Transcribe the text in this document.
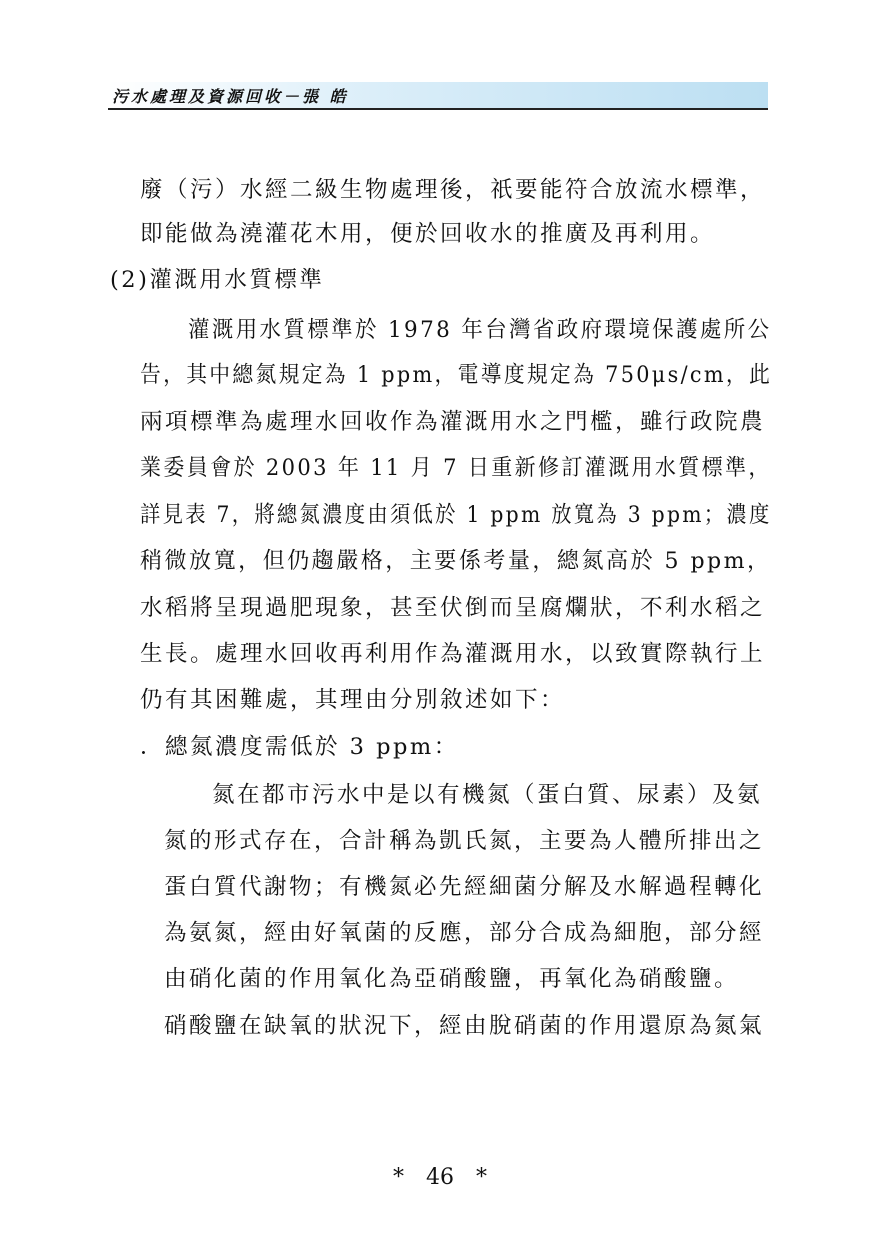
污水處理及資源回收－張 皓
廢（污）水經二級生物處理後，祇要能符合放流水標準，
即能做為澆灌花木用，便於回收水的推廣及再利用。
(2)灌溉用水質標準
灌溉用水質標準於 1978 年台灣省政府環境保護處所公
告，其中總氮規定為 1 ppm，電導度規定為 750μs/cm，此
兩項標準為處理水回收作為灌溉用水之門檻，雖行政院農
業委員會於 2003 年 11 月 7 日重新修訂灌溉用水質標準，
詳見表 7，將總氮濃度由須低於 1 ppm 放寬為 3 ppm；濃度
稍微放寬，但仍趨嚴格，主要係考量，總氮高於 5 ppm，
水稻將呈現過肥現象，甚至伏倒而呈腐爛狀，不利水稻之
生長。處理水回收再利用作為灌溉用水，以致實際執行上
仍有其困難處，其理由分別敘述如下：
．總氮濃度需低於 3 ppm：
氮在都市污水中是以有機氮（蛋白質、尿素）及氨
氮的形式存在，合計稱為凱氏氮，主要為人體所排出之
蛋白質代謝物；有機氮必先經細菌分解及水解過程轉化
為氨氮，經由好氧菌的反應，部分合成為細胞，部分經
由硝化菌的作用氧化為亞硝酸鹽，再氧化為硝酸鹽。
硝酸鹽在缺氧的狀況下，經由脫硝菌的作用還原為氮氣
*　46　*
